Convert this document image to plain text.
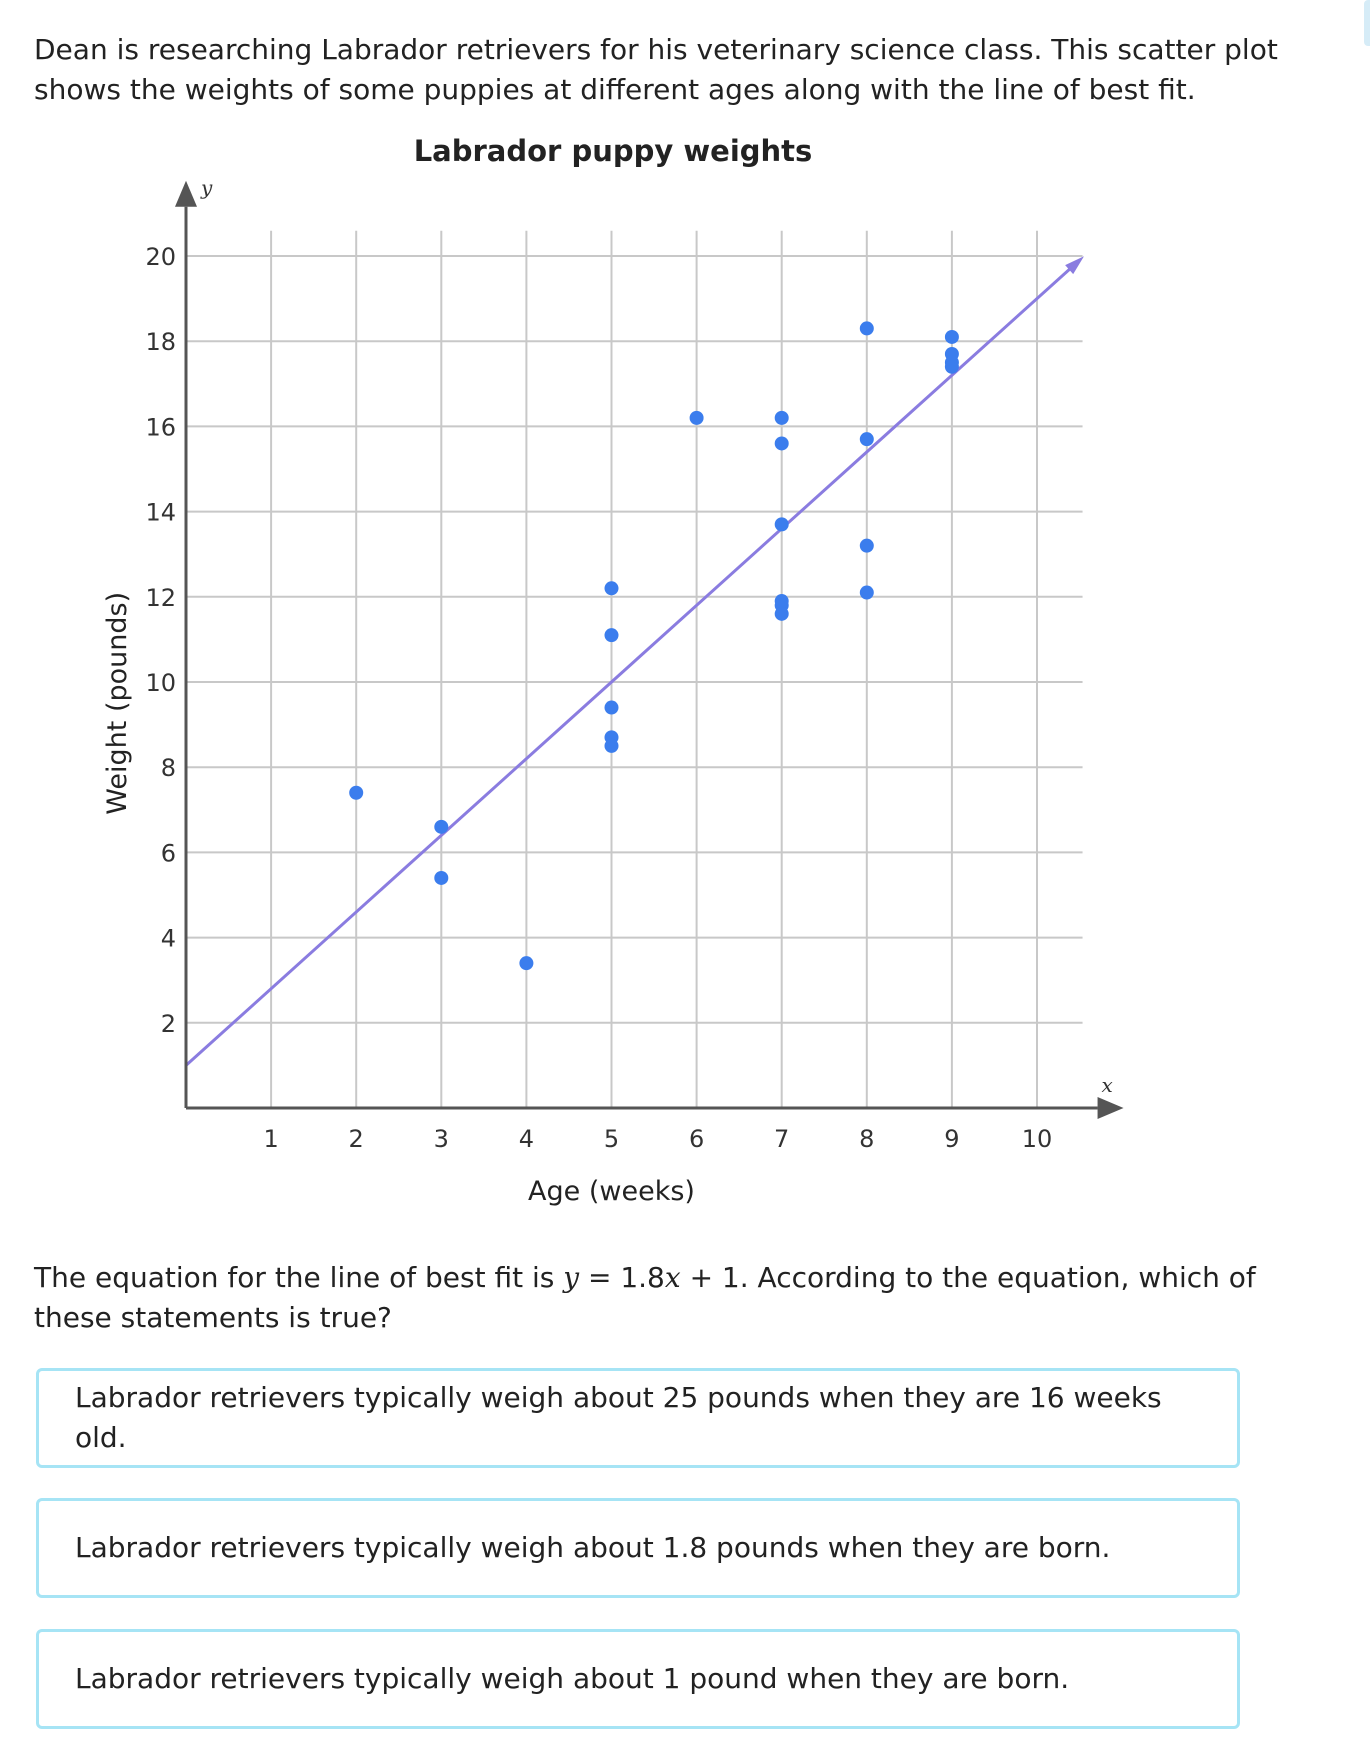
Dean is researching Labrador retrievers for his veterinary science class. This scatter plot shows the weights of some puppies at different ages along with the line of best fit.

Labrador puppy weights
1	2	3	4	5	6	7	8	9	10
2
4
6
8
10
12
14
16
18
20
x
y
Age (weeks)
Weight (pounds)

The equation for the line of best fit is y = 1.8x + 1. According to the equation, which of these statements is true?

Labrador retrievers typically weigh about 25 pounds when they are 16 weeks old.
Labrador retrievers typically weigh about 1.8 pounds when they are born.
Labrador retrievers typically weigh about 1 pound when they are born.
